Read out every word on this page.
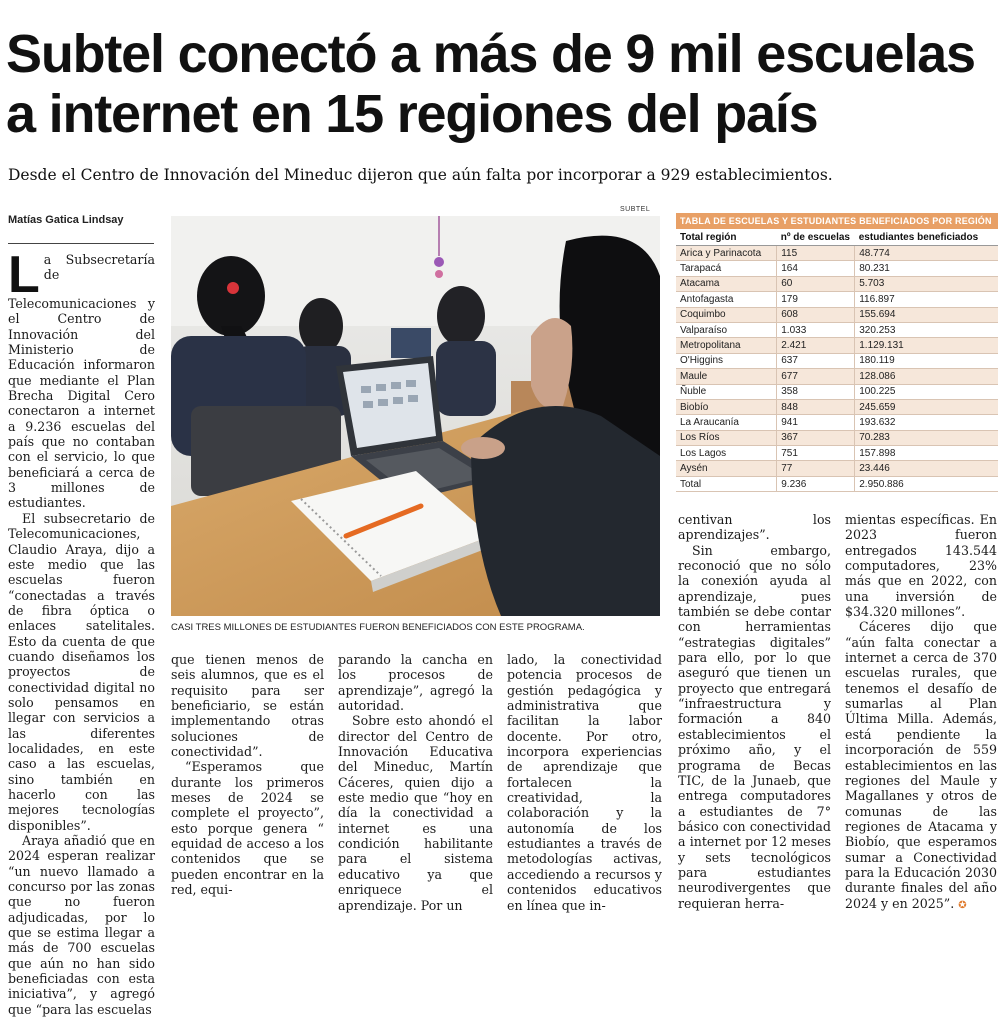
Subtel conectó a más de 9 mil escuelas
a internet en 15 regiones del país
Desde el Centro de Innovación del Mineduc dijeron que aún falta por incorporar a 929 establecimientos.
Matías Gatica Lindsay

La Subsecretaría de Telecomunicaciones y el Centro de Innovación del Ministerio de Educación informaron que mediante el Plan Brecha Digital Cero conectaron a internet a 9.236 escuelas del país que no contaban con el servicio, lo que beneficiará a cerca de 3 millones de estudiantes.

El subsecretario de Telecomunicaciones, Claudio Araya, dijo a este medio que las escuelas fueron “conectadas a través de fibra óptica o enlaces satelitales. Esto da cuenta de que cuando diseñamos los proyectos de conectividad digital no solo pensamos en llegar con servicios a las diferentes localidades, en este caso a las escuelas, sino también en hacerlo con las mejores tecnologías disponibles”.

Araya añadió que en 2024 esperan realizar “un nuevo llamado a concurso por las zonas que no fueron adjudicadas, por lo que se estima llegar a más de 700 escuelas que aún no han sido beneficiadas con esta iniciativa”, y agregó que “para las escuelas

SUBTEL
CASI TRES MILLONES DE ESTUDIANTES FUERON BENEFICIADOS CON ESTE PROGRAMA.
TABLA DE ESCUELAS Y ESTUDIANTES BENEFICIADOS POR REGIÓN
Total región	nº de escuelas	estudiantes beneficiados
Arica y Parinacota	115	48.774
Tarapacá	164	80.231
Atacama	60	5.703
Antofagasta	179	116.897
Coquimbo	608	155.694
Valparaíso	1.033	320.253
Metropolitana	2.421	1.129.131
O'Higgins	637	180.119
Maule	677	128.086
Ñuble	358	100.225
Biobío	848	245.659
La Araucanía	941	193.632
Los Ríos	367	70.283
Los Lagos	751	157.898
Aysén	77	23.446
Total	9.236	2.950.886

que tienen menos de seis alumnos, que es el requisito para ser beneficiario, se están implementando otras soluciones de conectividad”.

“Esperamos que durante los primeros meses de 2024 se complete el proyecto”, esto porque genera “ equidad de acceso a los contenidos que se pueden encontrar en la red, equi-

parando la cancha en los procesos de aprendizaje”, agregó la autoridad.

Sobre esto ahondó el director del Centro de Innovación Educativa del Mineduc, Martín Cáceres, quien dijo a este medio que “hoy en día la conectividad a internet es una condición habilitante para el sistema educativo ya que enriquece el aprendizaje. Por un

lado, la conectividad potencia procesos de gestión pedagógica y administrativa que facilitan la labor docente. Por otro, incorpora experiencias de aprendizaje que fortalecen la creatividad, la colaboración y la autonomía de los estudiantes a través de metodologías activas, accediendo a recursos y contenidos educativos en línea que in-

centivan los aprendizajes”.

Sin embargo, reconoció que no sólo la conexión ayuda al aprendizaje, pues también se debe contar con herramientas “estrategias digitales” para ello, por lo que aseguró que tienen un proyecto que entregará “infraestructura y formación a 840 establecimientos el próximo año, y el programa de Becas TIC, de la Junaeb, que entrega computadores a estudiantes de 7° básico con conectividad a internet por 12 meses y sets tecnológicos para estudiantes neurodivergentes que requieran herra-

mientas específicas. En 2023 fueron entregados 143.544 computadores, 23% más que en 2022, con una inversión de $34.320 millones”.

Cáceres dijo que “aún falta conectar a internet a cerca de 370 escuelas rurales, que tenemos el desafío de sumarlas al Plan Última Milla. Además, está pendiente la incorporación de 559 establecimientos en las regiones del Maule y Magallanes y otros de comunas de las regiones de Atacama y Biobío, que esperamos sumar a Conectividad para la Educación 2030 durante finales del año 2024 y en 2025”. ✪
